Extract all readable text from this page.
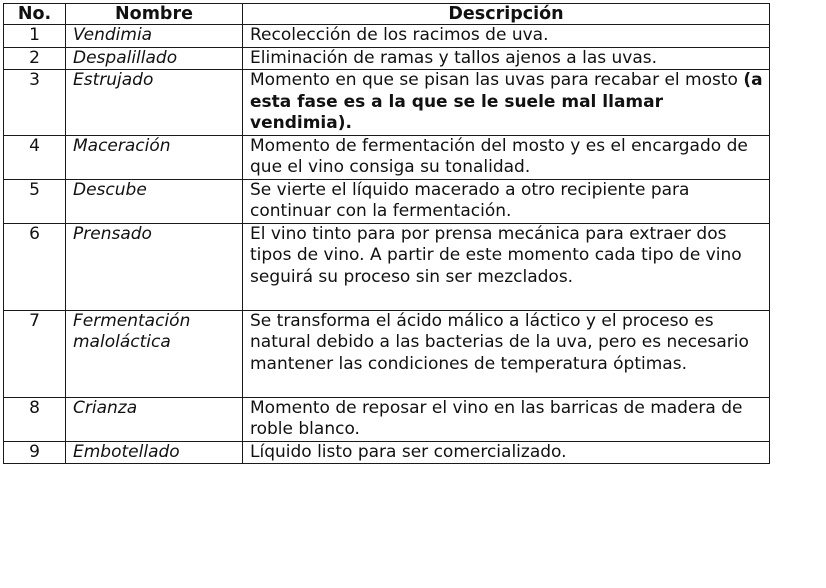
No.	Nombre	Descripción
1	Vendimia	Recolección de los racimos de uva.
2	Despalillado	Eliminación de ramas y tallos ajenos a las uvas.
3	Estrujado	Momento en que se pisan las uvas para recabar el mosto (a esta fase es a la que se le suele mal llamar vendimia).
4	Maceración	Momento de fermentación del mosto y es el encargado de que el vino consiga su tonalidad.
5	Descube	Se vierte el líquido macerado a otro recipiente para continuar con la fermentación.
6	Prensado	El vino tinto para por prensa mecánica para extraer dos tipos de vino. A partir de este momento cada tipo de vino seguirá su proceso sin ser mezclados.
7	Fermentación maloláctica	Se transforma el ácido málico a láctico y el proceso es natural debido a las bacterias de la uva, pero es necesario mantener las condiciones de temperatura óptimas.
8	Crianza	Momento de reposar el vino en las barricas de madera de roble blanco.
9	Embotellado	Líquido listo para ser comercializado.
